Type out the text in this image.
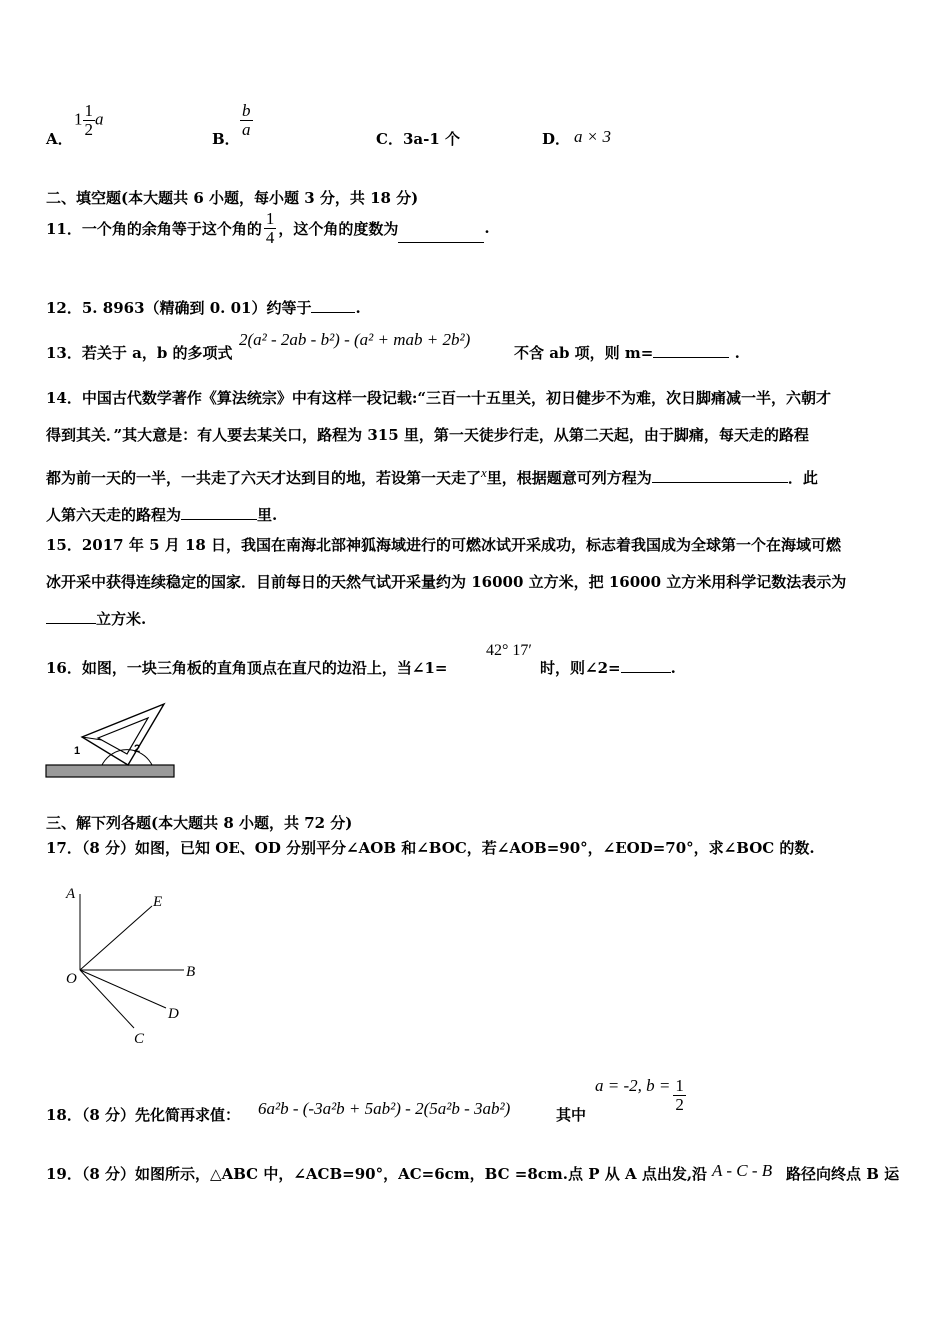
A．
$1 \frac{1}{2}$ a
B．
$\frac{b}{a}$
C．3a-1 个	D． a × 3
二、填空题(本大题共 6 小题，每小题 3 分，共 18 分)
11．一个角的余角等于这个角的 $\frac{1}{4}$ ，这个角的度数为	.
12．5. 8963（精确到 0. 01）约等于	.
13．若关于 a，b 的多项式
2(a² - 2ab - b²) - (a² + mab + 2b²)
不含 ab 项，则 m=	.
14．中国古代数学著作《算法统宗》中有这样一段记载:“三百一十五里关，初日健步不为难，次日脚痛减一半，六朝才
得到其关．”其大意是：有人要去某关口，路程为 315 里，第一天徒步行走，从第二天起，由于脚痛，每天走的路程
都为前一天的一半，一共走了六天才达到目的地，若设第一天走了$^x$里，根据题意可列方程为	．此
人第六天走的路程为	里.
15．2017 年 5 月 18 日，我国在南海北部神狐海域进行的可燃冰试开采成功，标志着我国成为全球第一个在海域可燃
冰开采中获得连续稳定的国家．目前每日的天然气试开采量约为 16000 立方米，把 16000 立方米用科学记数法表示为
立方米.
16．如图，一块三角板的直角顶点在直尺的边沿上，当∠1=
42° 17′
时，则∠2=	.
1	2
三、解下列各题(本大题共 8 小题，共 72 分)
17．（8 分）如图，已知 OE、OD 分别平分∠AOB 和∠BOC，若∠AOB=90°，∠EOD=70°，求∠BOC 的数.
A	E
O	B
D
C
18．（8 分）先化简再求值： 6a²b - (-3a²b + 5ab²) - 2(5a²b - 3ab²)	其中
a = -2, $b = \frac{1}{2}$
19．（8 分）如图所示，△ABC 中，∠ACB=90°，AC=6cm，BC =8cm.点 P 从 A 点出发,沿 A - C - B 路径向终点 B 运
